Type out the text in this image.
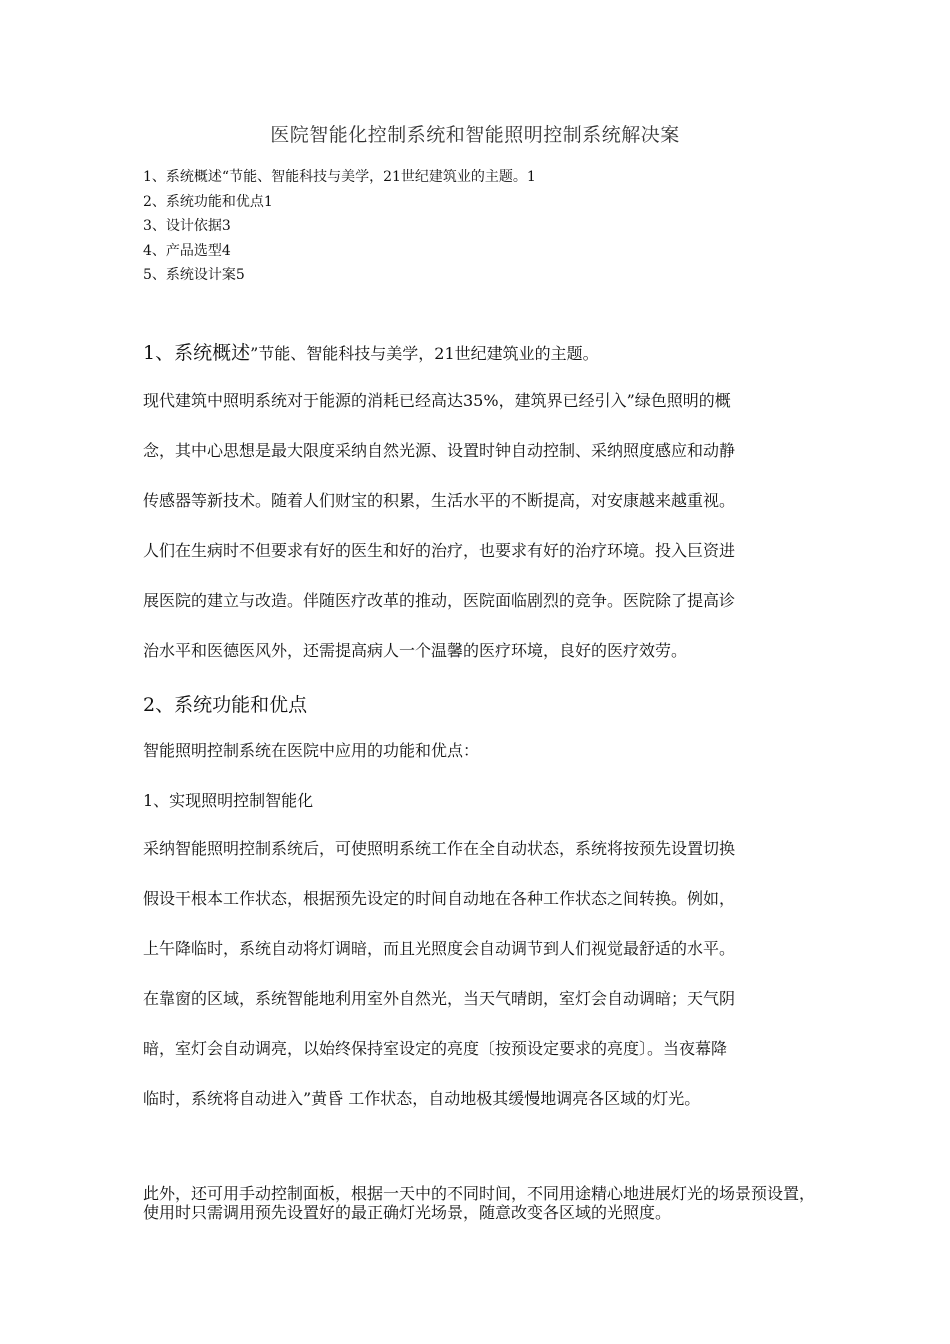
医院智能化控制系统和智能照明控制系统解决案
1、系统概述“节能、智能科技与美学，21世纪建筑业的主题。1
2、系统功能和优点1
3、设计依据3
4、产品选型4
5、系统设计案5
1、系统概述”节能、智能科技与美学，21世纪建筑业的主题。
现代建筑中照明系统对于能源的消耗已经高达35%，建筑界已经引入”绿色照明的概
念，其中心思想是最大限度采纳自然光源、设置时钟自动控制、采纳照度感应和动静
传感器等新技术。随着人们财宝的积累，生活水平的不断提高，对安康越来越重视。
人们在生病时不但要求有好的医生和好的治疗，也要求有好的治疗环境。投入巨资进
展医院的建立与改造。伴随医疗改革的推动，医院面临剧烈的竞争。医院除了提高诊
治水平和医德医风外，还需提高病人一个温馨的医疗环境，良好的医疗效劳。
2、系统功能和优点
智能照明控制系统在医院中应用的功能和优点：
1、实现照明控制智能化
采纳智能照明控制系统后，可使照明系统工作在全自动状态，系统将按预先设置切换
假设干根本工作状态，根据预先设定的时间自动地在各种工作状态之间转换。例如，
上午降临时，系统自动将灯调暗，而且光照度会自动调节到人们视觉最舒适的水平。
在靠窗的区域，系统智能地利用室外自然光，当天气晴朗，室灯会自动调暗；天气阴
暗，室灯会自动调亮，以始终保持室设定的亮度〔按预设定要求的亮度〕。当夜幕降
临时，系统将自动进入”黄昏 工作状态，自动地极其缓慢地调亮各区域的灯光。
此外，还可用手动控制面板，根据一天中的不同时间，不同用途精心地进展灯光的场景预设置，使用时只需调用预先设置好的最正确灯光场景，随意改变各区域的光照度。
